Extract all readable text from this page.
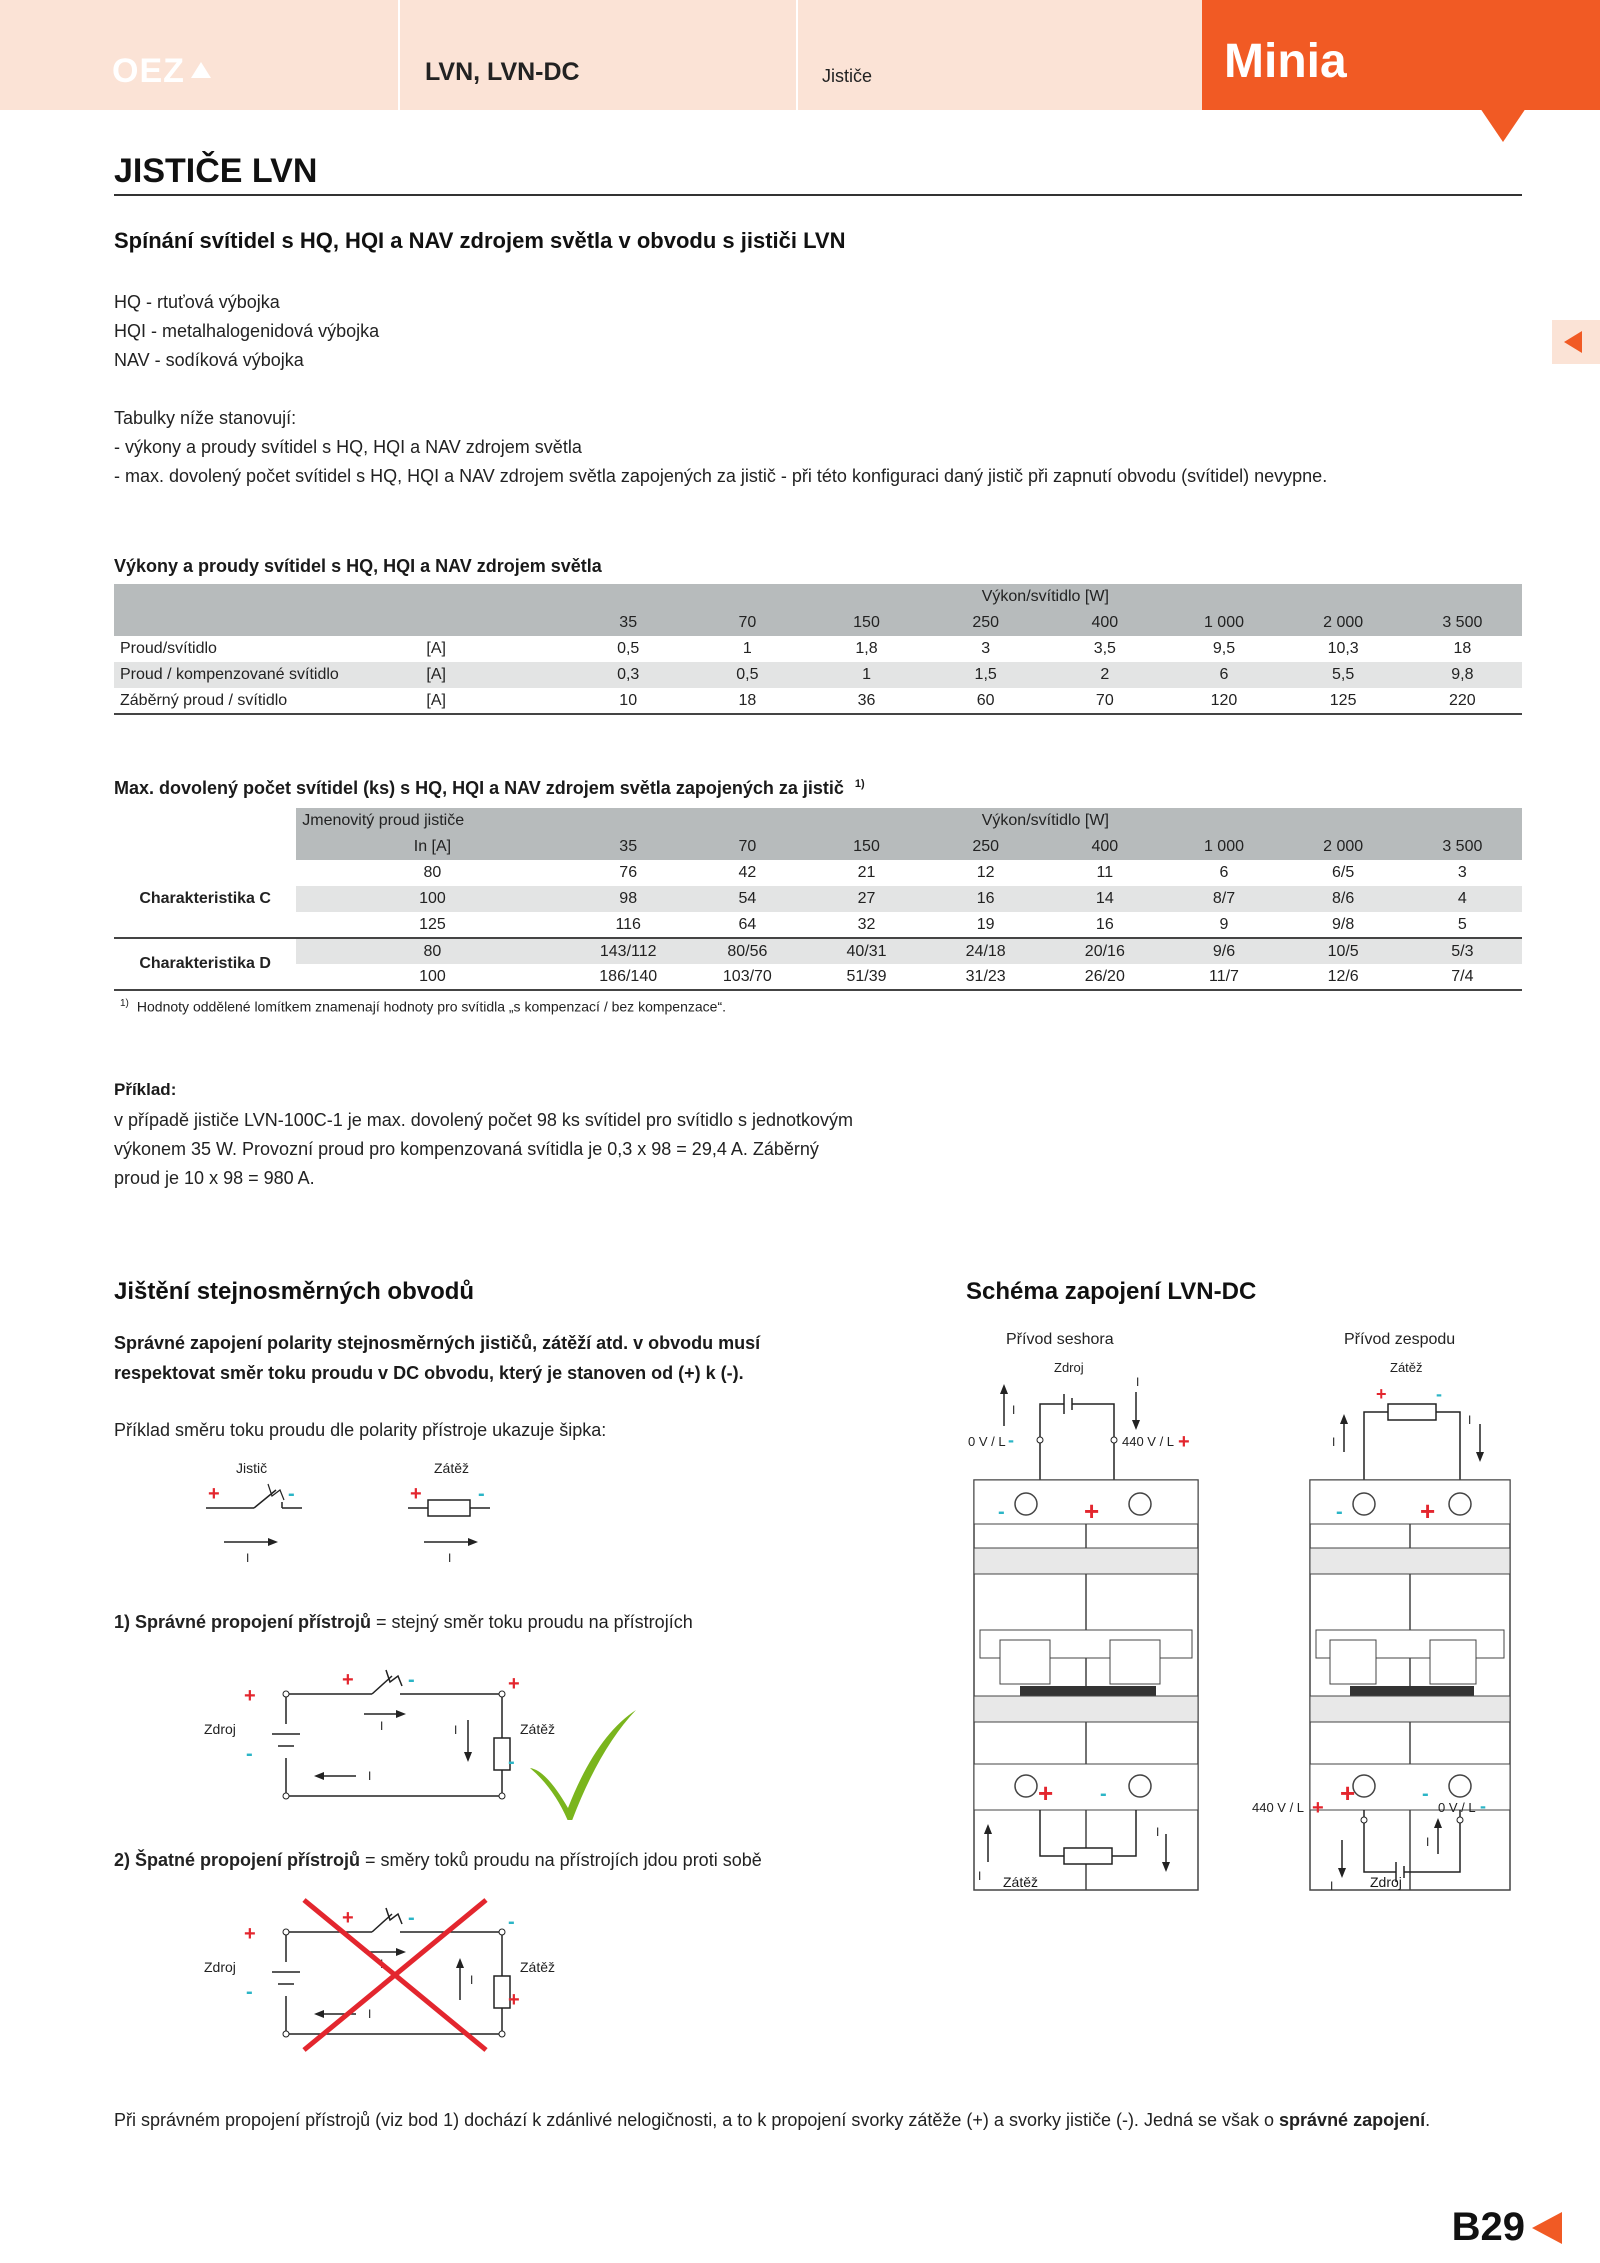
OEZ	LVN, LVN-DC	Jističe	Minia
JISTIČE LVN
Spínání svítidel s HQ, HQI a NAV zdrojem světla v obvodu s jističi LVN
HQ - rtuťová výbojka
HQI - metalhalogenidová výbojka
NAV - sodíková výbojka
Tabulky níže stanovují:
- výkony a proudy svítidel s HQ, HQI a NAV zdrojem světla
- max. dovolený počet svítidel s HQ, HQI a NAV zdrojem světla zapojených za jistič - při této konfiguraci daný jistič při zapnutí obvodu (svítidel) nevypne.
Výkony a proudy svítidel s HQ, HQI a NAV zdrojem světla
		Výkon/svítidlo [W]							
		35	70	150	250	400	1 000	2 000	3 500
Proud/svítidlo	[A]	0,5	1	1,8	3	3,5	9,5	10,3	18
Proud / kompenzované svítidlo	[A]	0,3	0,5	1	1,5	2	6	5,5	9,8
Záběrný proud / svítidlo	[A]	10	18	36	60	70	120	125	220
Max. dovolený počet svítidel (ks) s HQ, HQI a NAV zdrojem světla zapojených za jistič $^{1)}$
	Jmenovitý proud jističe	Výkon/svítidlo [W]							
	In [A]	35	70	150	250	400	1 000	2 000	3 500
Charakteristika C	80	76	42	21	12	11	6	6/5	3
	100	98	54	27	16	14	8/7	8/6	4
	125	116	64	32	19	16	9	9/8	5
Charakteristika D	80	143/112	80/56	40/31	24/18	20/16	9/6	10/5	5/3
	100	186/140	103/70	51/39	31/23	26/20	11/7	12/6	7/4
$^{1)}$ Hodnoty oddělené lomítkem znamenají hodnoty pro svítidla „s kompenzací / bez kompenzace“.
Příklad:
v případě jističe LVN-100C-1 je max. dovolený počet 98 ks svítidel pro svítidlo s jednotkovým
výkonem 35 W. Provozní proud pro kompenzovaná svítidla je 0,3 x 98 = 29,4 A. Záběrný
proud je 10 x 98 = 980 A.
Jištění stejnosměrných obvodů
Správné zapojení polarity stejnosměrných jističů, zátěží atd. v obvodu musí
respektovat směr toku proudu v DC obvodu, který je stanoven od (+) k (-).
Příklad směru toku proudu dle polarity přístroje ukazuje šipka:
Jistič	Zátěž
+	-
I
+	-
I
1) Správné propojení přístrojů = stejný směr toku proudu na přístrojích
Zdroj	Zátěž
+
-
+	-	+
-
I	I
I
2) Špatné propojení přístrojů = směry toků proudu na přístrojích jdou proti sobě
Zdroj	Zátěž
+
-
+	-	-
+
I
I
Schéma zapojení LVN-DC
Přívod seshora	Přívod zespodu
Zdroj
I
I
0 V / L -	440 V / L +
-	+
+ -
I
I
Zátěž
+	-
I
I
-	+
+	-
440 V / L +	0 V / L -
I
I
Zátěž	Zdroj
Při správném propojení přístrojů (viz bod 1) dochází k zdánlivé nelogičnosti, a to k propojení svorky zátěže (+) a svorky jističe (-). Jedná se však o správné zapojení.
B29
